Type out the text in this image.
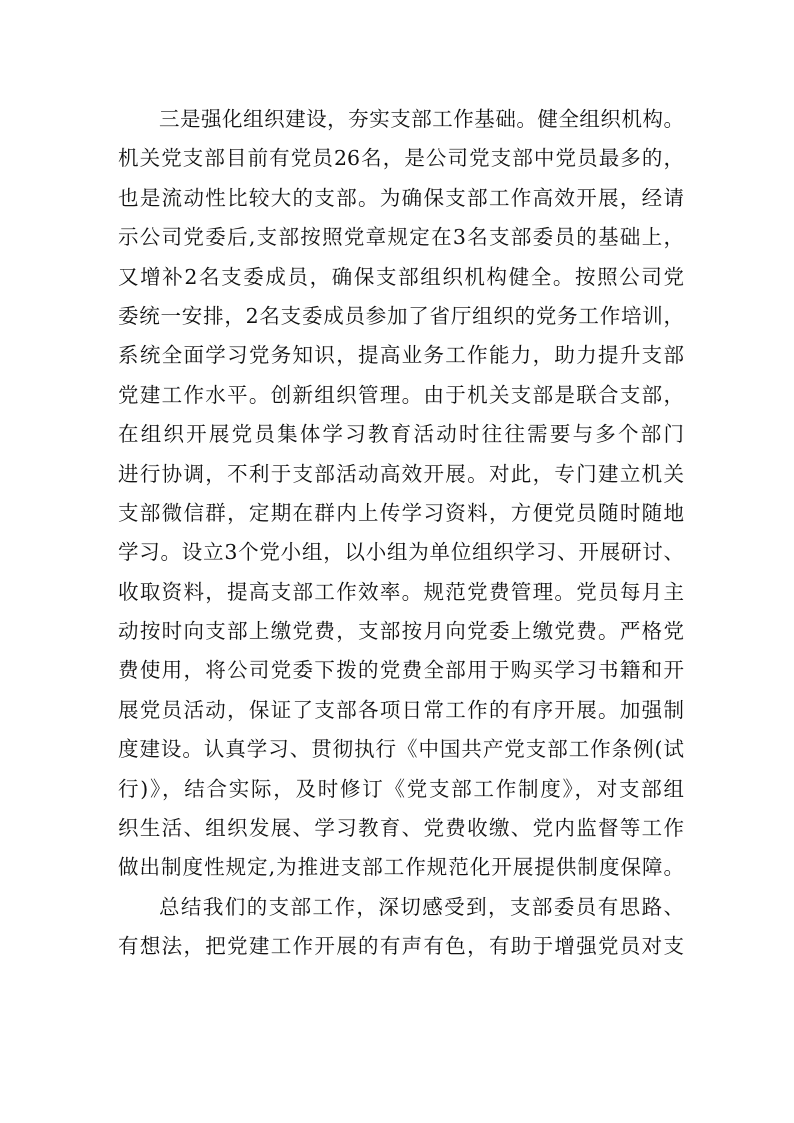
三是强化组织建设，夯实支部工作基础。健全组织机构。
机关党支部目前有党员26名，是公司党支部中党员最多的，
也是流动性比较大的支部。为确保支部工作高效开展，经请
示公司党委后,支部按照党章规定在3名支部委员的基础上，
又增补2名支委成员，确保支部组织机构健全。按照公司党
委统一安排，2名支委成员参加了省厅组织的党务工作培训，
系统全面学习党务知识，提高业务工作能力，助力提升支部
党建工作水平。创新组织管理。由于机关支部是联合支部，
在组织开展党员集体学习教育活动时往往需要与多个部门
进行协调，不利于支部活动高效开展。对此，专门建立机关
支部微信群，定期在群内上传学习资料，方便党员随时随地
学习。设立3个党小组，以小组为单位组织学习、开展研讨、
收取资料，提高支部工作效率。规范党费管理。党员每月主
动按时向支部上缴党费，支部按月向党委上缴党费。严格党
费使用，将公司党委下拨的党费全部用于购买学习书籍和开
展党员活动，保证了支部各项日常工作的有序开展。加强制
度建设。认真学习、贯彻执行《中国共产党支部工作条例(试
行)》，结合实际，及时修订《党支部工作制度》，对支部组
织生活、组织发展、学习教育、党费收缴、党内监督等工作
做出制度性规定,为推进支部工作规范化开展提供制度保障。
总结我们的支部工作，深切感受到，支部委员有思路、
有想法，把党建工作开展的有声有色，有助于增强党员对支
